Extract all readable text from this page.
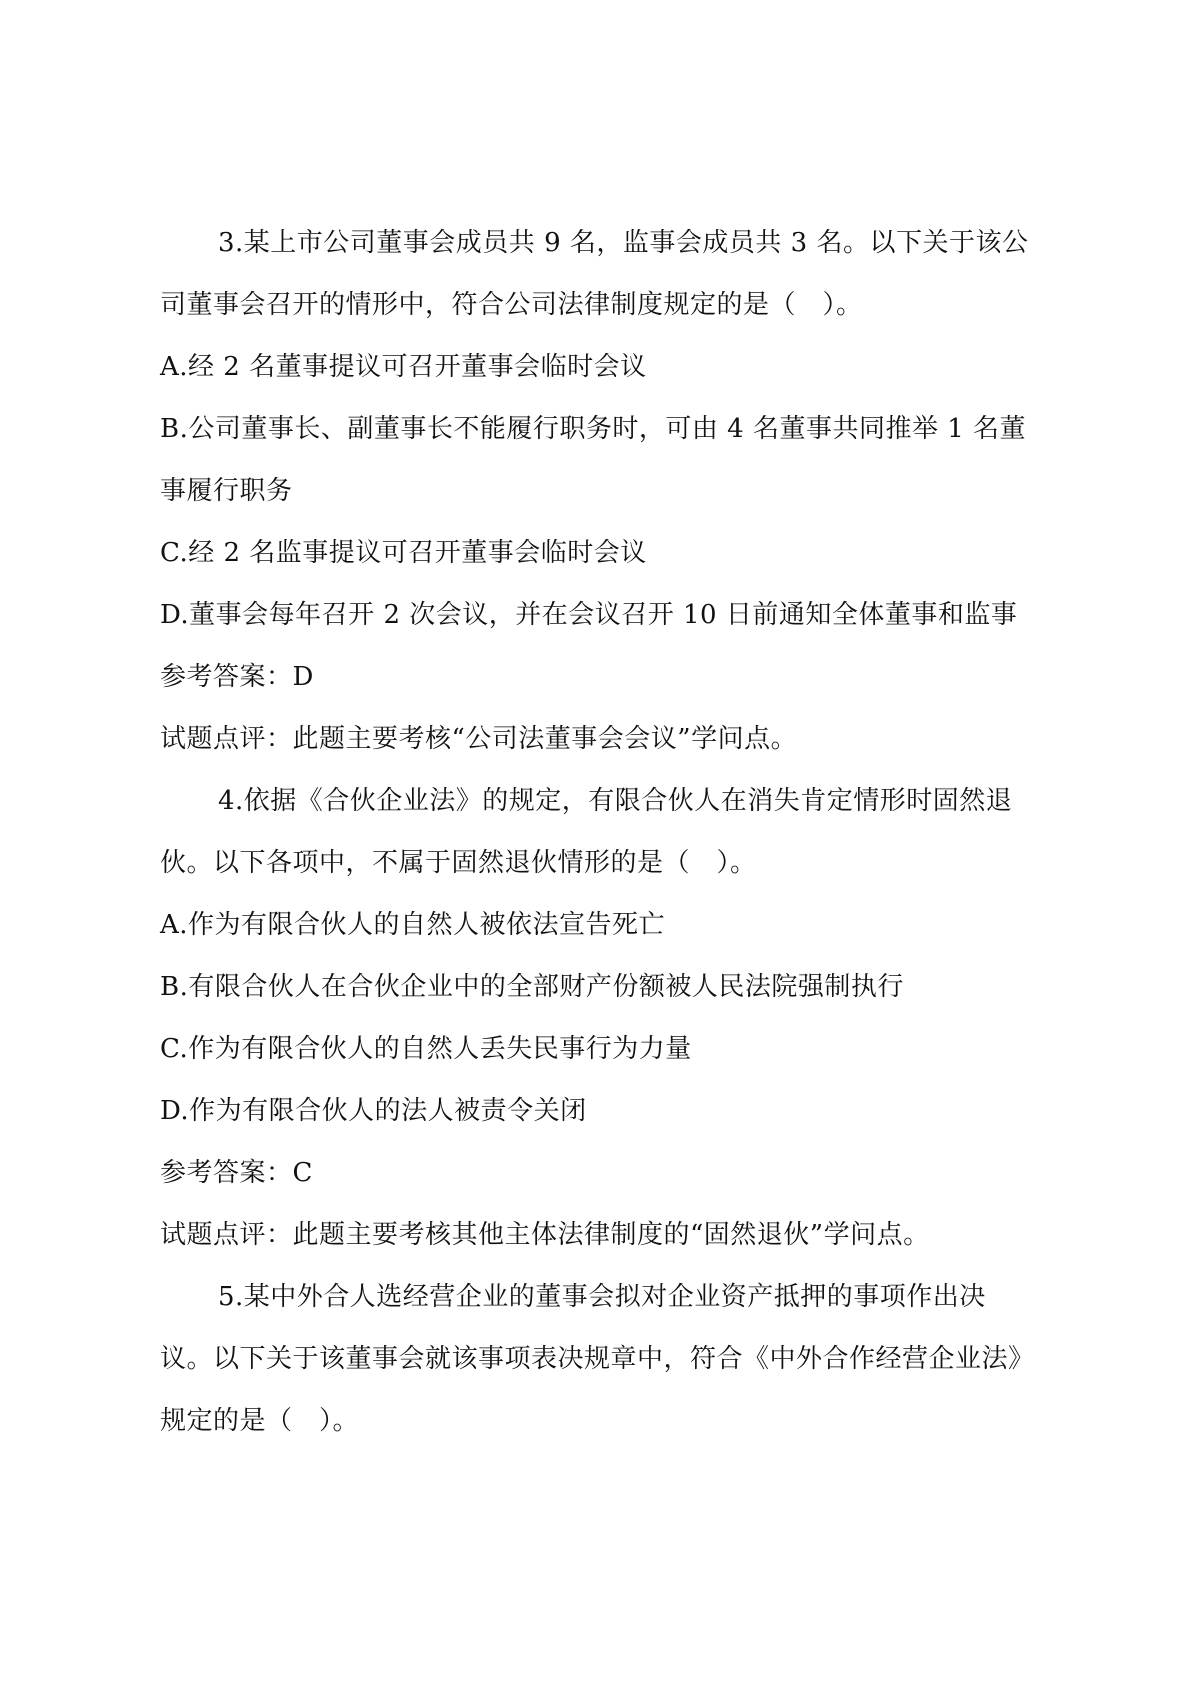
3.某上市公司董事会成员共 9 名，监事会成员共 3 名。以下关于该公
司董事会召开的情形中，符合公司法律制度规定的是（　）。
A.经 2 名董事提议可召开董事会临时会议
B.公司董事长、副董事长不能履行职务时，可由 4 名董事共同推举 1 名董
事履行职务
C.经 2 名监事提议可召开董事会临时会议
D.董事会每年召开 2 次会议，并在会议召开 10 日前通知全体董事和监事
参考答案：D
试题点评：此题主要考核“公司法董事会会议”学问点。
4.依据《合伙企业法》的规定，有限合伙人在消失肯定情形时固然退
伙。以下各项中，不属于固然退伙情形的是（　）。
A.作为有限合伙人的自然人被依法宣告死亡
B.有限合伙人在合伙企业中的全部财产份额被人民法院强制执行
C.作为有限合伙人的自然人丢失民事行为力量
D.作为有限合伙人的法人被责令关闭
参考答案：C
试题点评：此题主要考核其他主体法律制度的“固然退伙”学问点。
5.某中外合人选经营企业的董事会拟对企业资产抵押的事项作出决
议。以下关于该董事会就该事项表决规章中，符合《中外合作经营企业法》
规定的是（　）。
